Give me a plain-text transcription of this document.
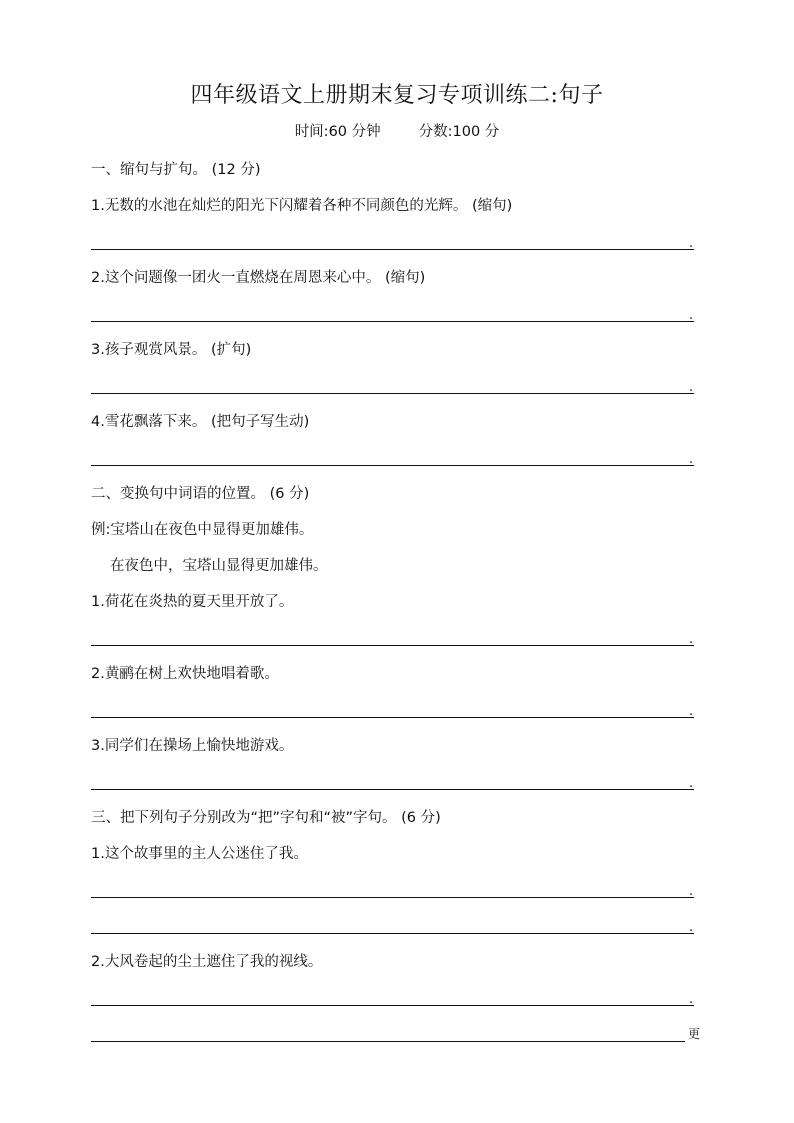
四年级语文上册期末复习专项训练二:句子
时间:60 分钟	分数:100 分
一、缩句与扩句。 (12 分)
1.无数的水池在灿烂的阳光下闪耀着各种不同颜色的光辉。 (缩句)
.
2.这个问题像一团火一直燃烧在周恩来心中。 (缩句)
.
3.孩子观赏风景。 (扩句)
.
4.雪花飘落下来。 (把句子写生动)
.
二、变换句中词语的位置。 (6 分)
例:宝塔山在夜色中显得更加雄伟。
在夜色中，宝塔山显得更加雄伟。
1.荷花在炎热的夏天里开放了。
.
2.黄鹂在树上欢快地唱着歌。
.
3.同学们在操场上愉快地游戏。
.
三、把下列句子分别改为“把”字句和“被”字句。 (6 分)
1.这个故事里的主人公迷住了我。
.
.
2.大风卷起的尘土遮住了我的视线。
.
更
